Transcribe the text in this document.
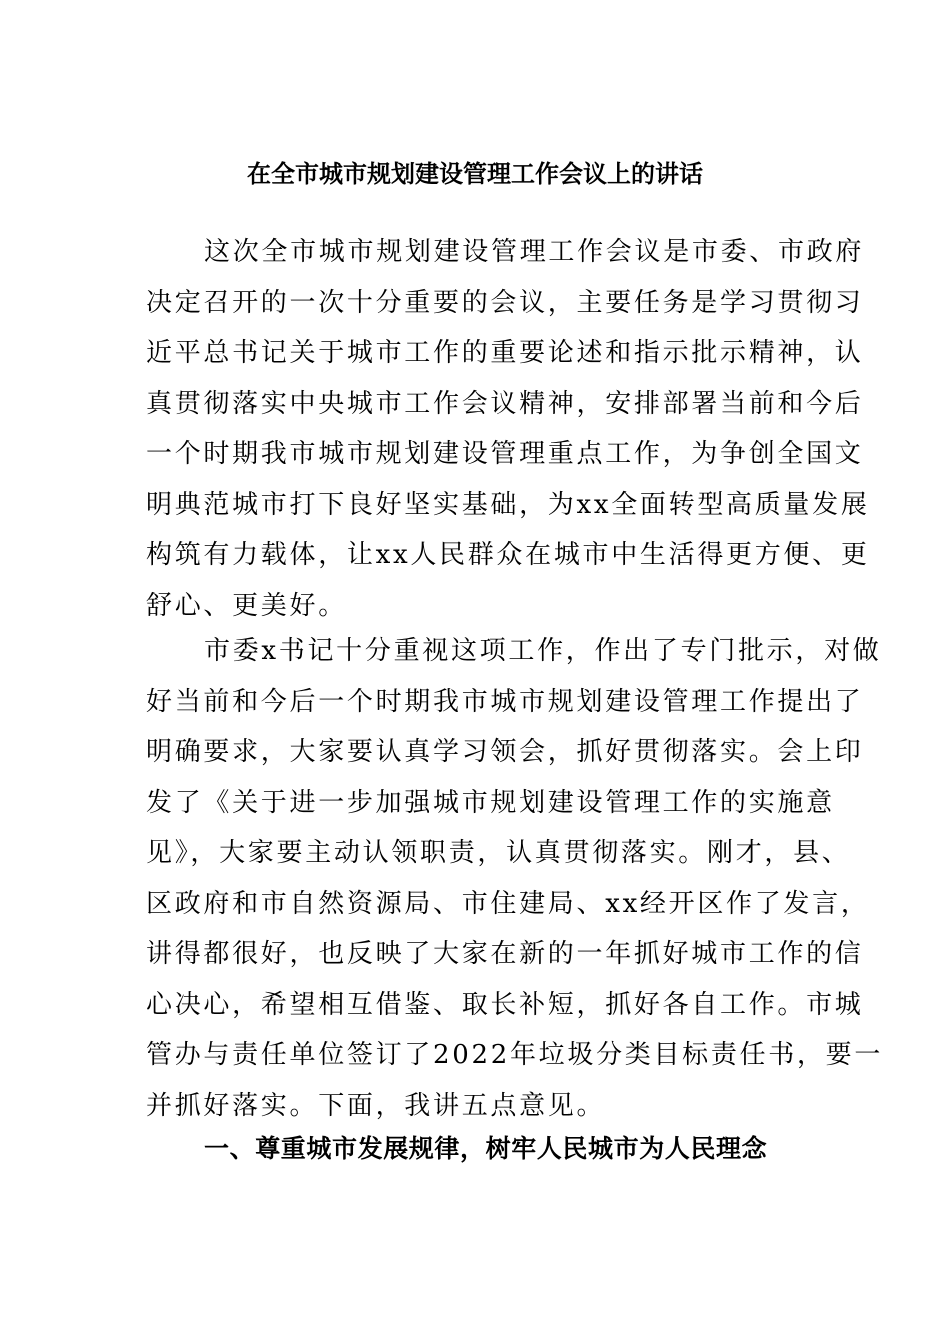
在全市城市规划建设管理工作会议上的讲话

这次全市城市规划建设管理工作会议是市委、市政府
决定召开的一次十分重要的会议，主要任务是学习贯彻习
近平总书记关于城市工作的重要论述和指示批示精神，认
真贯彻落实中央城市工作会议精神，安排部署当前和今后
一个时期我市城市规划建设管理重点工作，为争创全国文
明典范城市打下良好坚实基础，为xx全面转型高质量发展
构筑有力载体，让xx人民群众在城市中生活得更方便、更
舒心、更美好。

市委x书记十分重视这项工作，作出了专门批示，对做
好当前和今后一个时期我市城市规划建设管理工作提出了
明确要求，大家要认真学习领会，抓好贯彻落实。会上印
发了《关于进一步加强城市规划建设管理工作的实施意
见》，大家要主动认领职责，认真贯彻落实。刚才，县、
区政府和市自然资源局、市住建局、xx经开区作了发言，
讲得都很好，也反映了大家在新的一年抓好城市工作的信
心决心，希望相互借鉴、取长补短，抓好各自工作。市城
管办与责任单位签订了2022年垃圾分类目标责任书，要一
并抓好落实。下面，我讲五点意见。

一、尊重城市发展规律，树牢人民城市为人民理念
